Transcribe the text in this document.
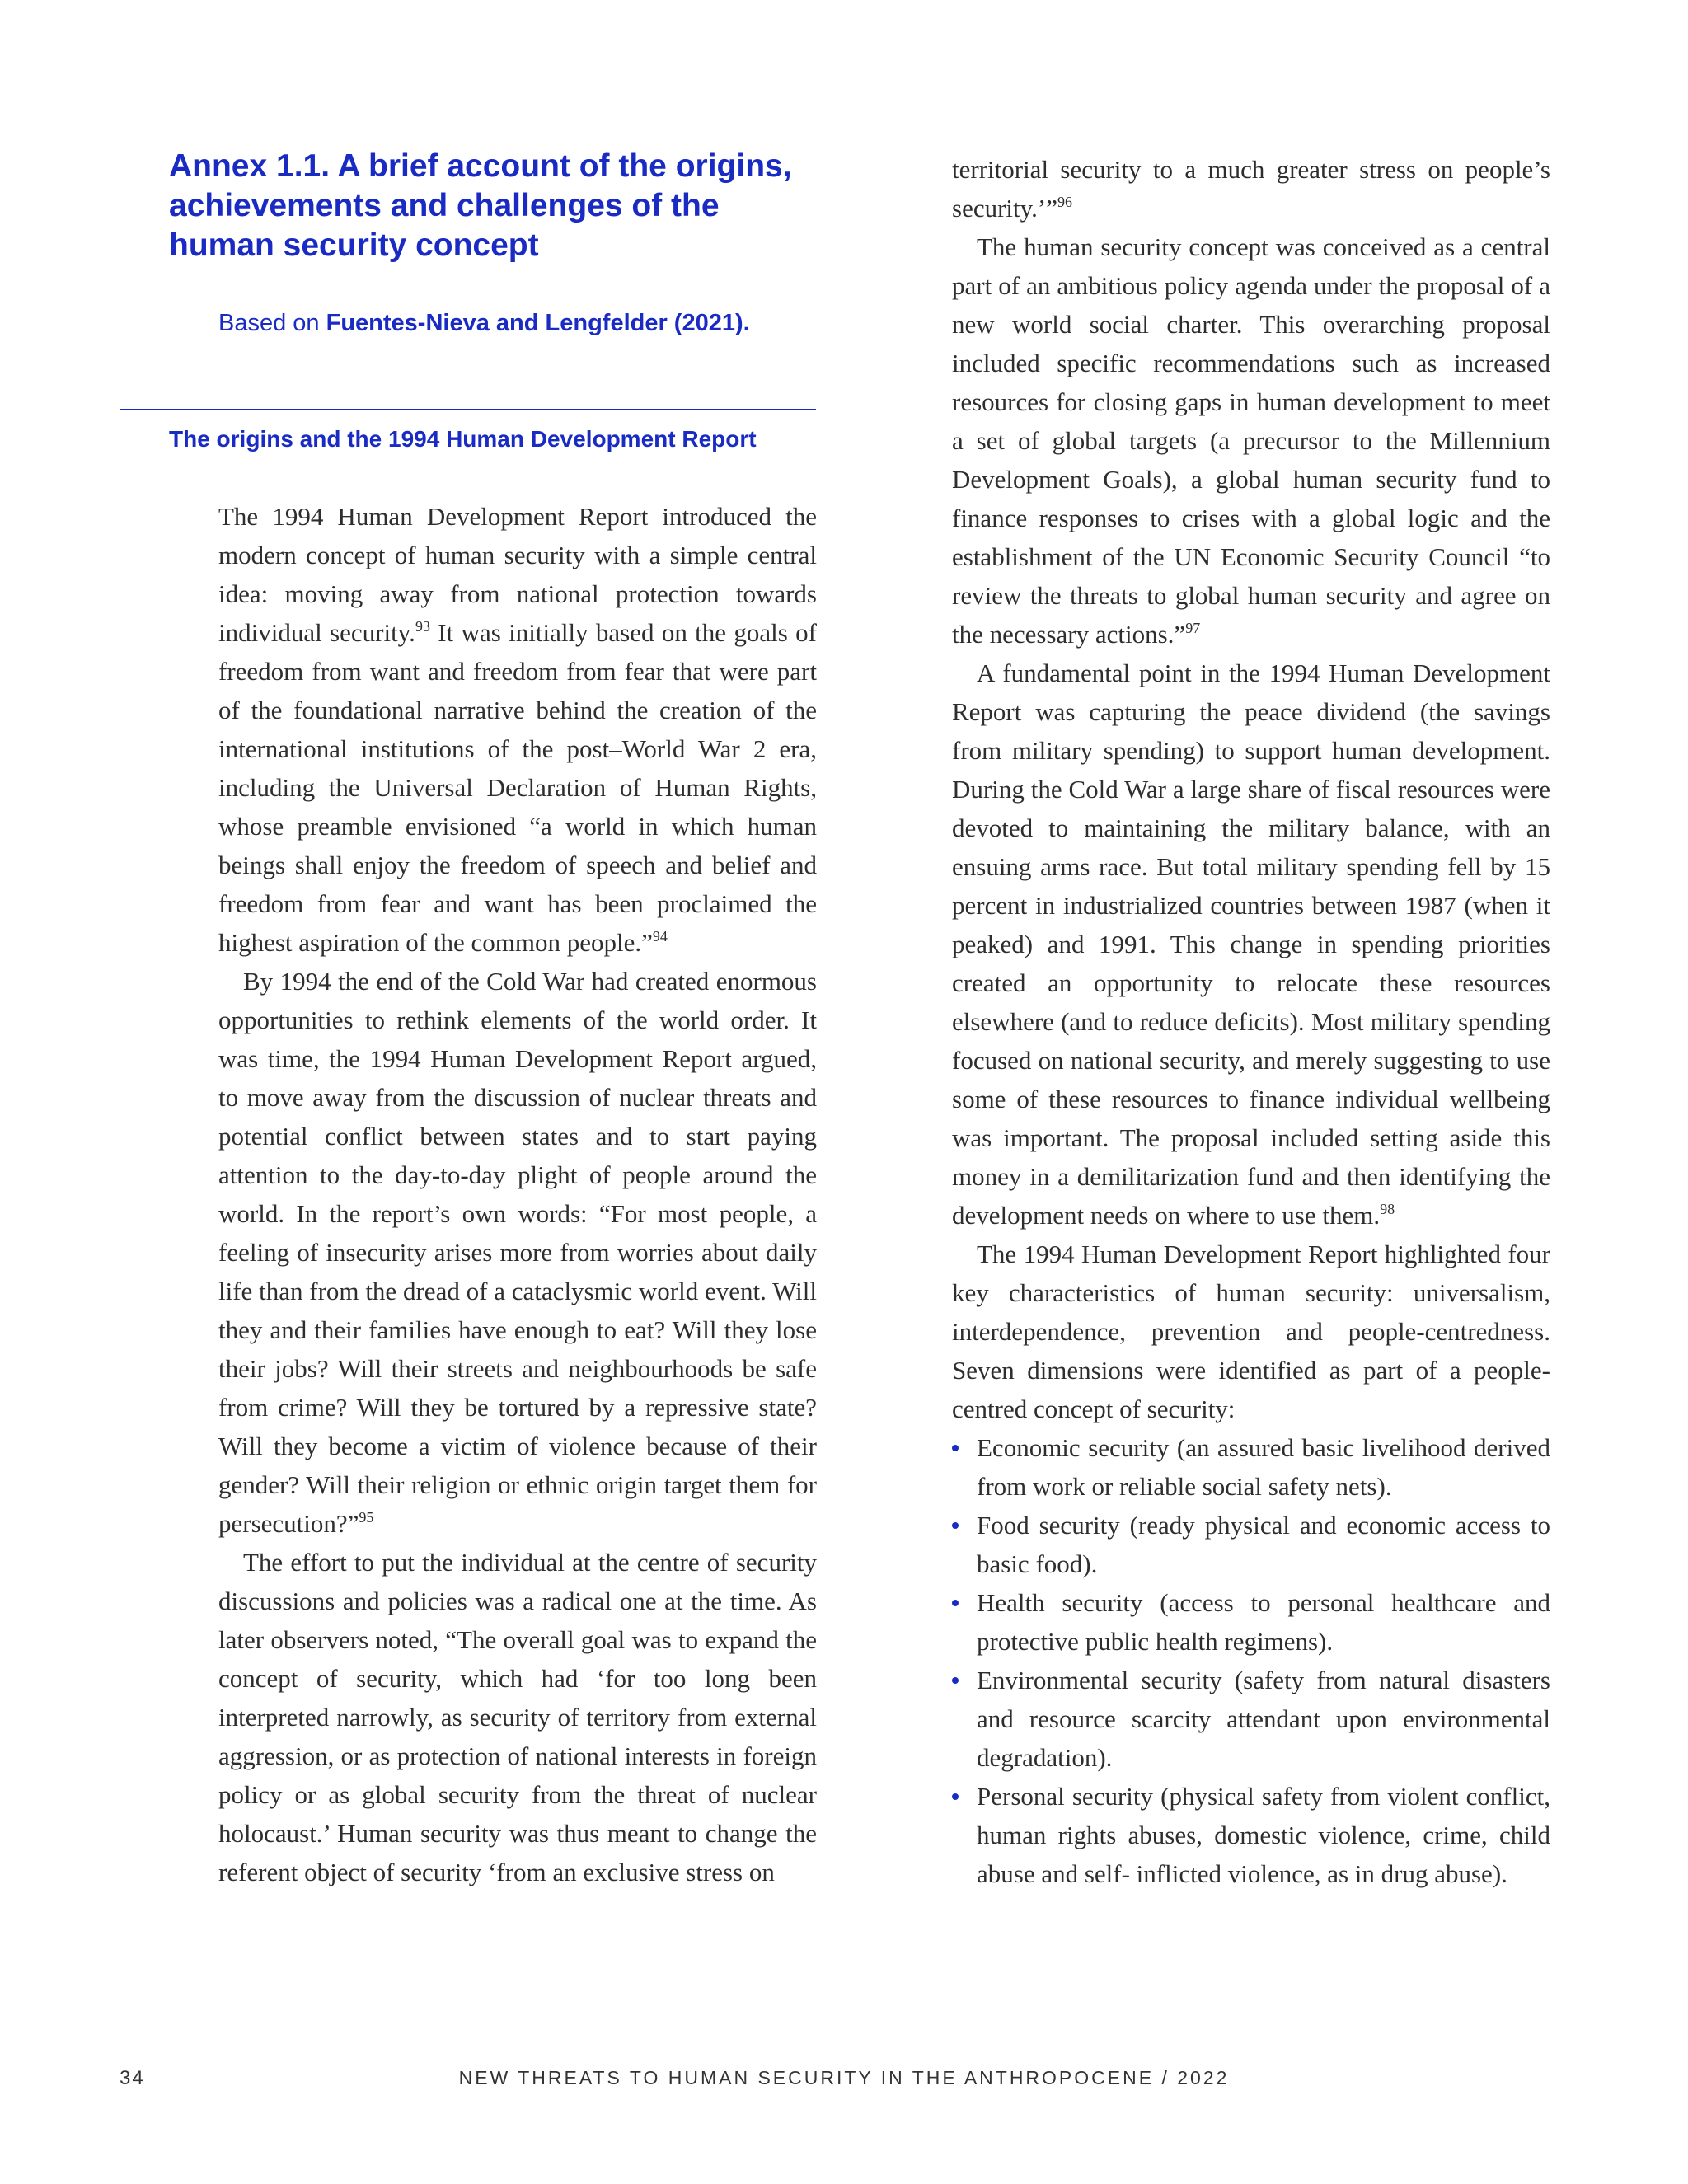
Annex 1.1. A brief account of the origins, achievements and challenges of the human security concept
Based on Fuentes-Nieva and Lengfelder (2021).
The origins and the 1994 Human Development Report

The 1994 Human Development Report introduced the modern concept of human security with a simple central idea: moving away from national protection towards individual security.$^{93}$ It was initially based on the goals of freedom from want and freedom from fear that were part of the foundational narrative behind the creation of the international institutions of the post–World War 2 era, including the Universal Declaration of Human Rights, whose preamble envisioned “a world in which human beings shall enjoy the freedom of speech and belief and freedom from fear and want has been proclaimed the highest aspiration of the common people.”$^{94}$

By 1994 the end of the Cold War had created enormous opportunities to rethink elements of the world order. It was time, the 1994 Human Development Report argued, to move away from the discussion of nuclear threats and potential conflict between states and to start paying attention to the day-to-day plight of people around the world. In the report’s own words: “For most people, a feeling of insecurity arises more from worries about daily life than from the dread of a cataclysmic world event. Will they and their families have enough to eat? Will they lose their jobs? Will their streets and neighbourhoods be safe from crime? Will they be tortured by a repressive state? Will they become a victim of violence because of their gender? Will their religion or ethnic origin target them for persecution?”$^{95}$

The effort to put the individual at the centre of security discussions and policies was a radical one at the time. As later observers noted, “The overall goal was to expand the concept of security, which had ‘for too long been interpreted narrowly, as security of territory from external aggression, or as protection of national interests in foreign policy or as global security from the threat of nuclear holocaust.’ Human security was thus meant to change the referent object of security ‘from an exclusive stress on

territorial security to a much greater stress on people’s security.’”$^{96}$

The human security concept was conceived as a central part of an ambitious policy agenda under the proposal of a new world social charter. This overarching proposal included specific recommendations such as increased resources for closing gaps in human development to meet a set of global targets (a precursor to the Millennium Development Goals), a global human security fund to finance responses to crises with a global logic and the establishment of the UN Economic Security Council “to review the threats to global human security and agree on the necessary actions.”$^{97}$

A fundamental point in the 1994 Human Development Report was capturing the peace dividend (the savings from military spending) to support human development. During the Cold War a large share of fiscal resources were devoted to maintaining the military balance, with an ensuing arms race. But total military spending fell by 15 percent in industrialized countries between 1987 (when it peaked) and 1991. This change in spending priorities created an opportunity to relocate these resources elsewhere (and to reduce deficits). Most military spending focused on national security, and merely suggesting to use some of these resources to finance individual wellbeing was important. The proposal included setting aside this money in a demilitarization fund and then identifying the development needs on where to use them.$^{98}$

The 1994 Human Development Report highlighted four key characteristics of human security: universalism, interdependence, prevention and people-centredness. Seven dimensions were identified as part of a people-centred concept of security:

Economic security (an assured basic livelihood derived from work or reliable social safety nets).
Food security (ready physical and economic access to basic food).
Health security (access to personal healthcare and protective public health regimens).
Environmental security (safety from natural disasters and resource scarcity attendant upon environmental degradation).
Personal security (physical safety from violent conflict, human rights abuses, domestic violence, crime, child abuse and self- inflicted violence, as in drug abuse).
34	NEW THREATS TO HUMAN SECURITY IN THE ANTHROPOCENE / 2022
